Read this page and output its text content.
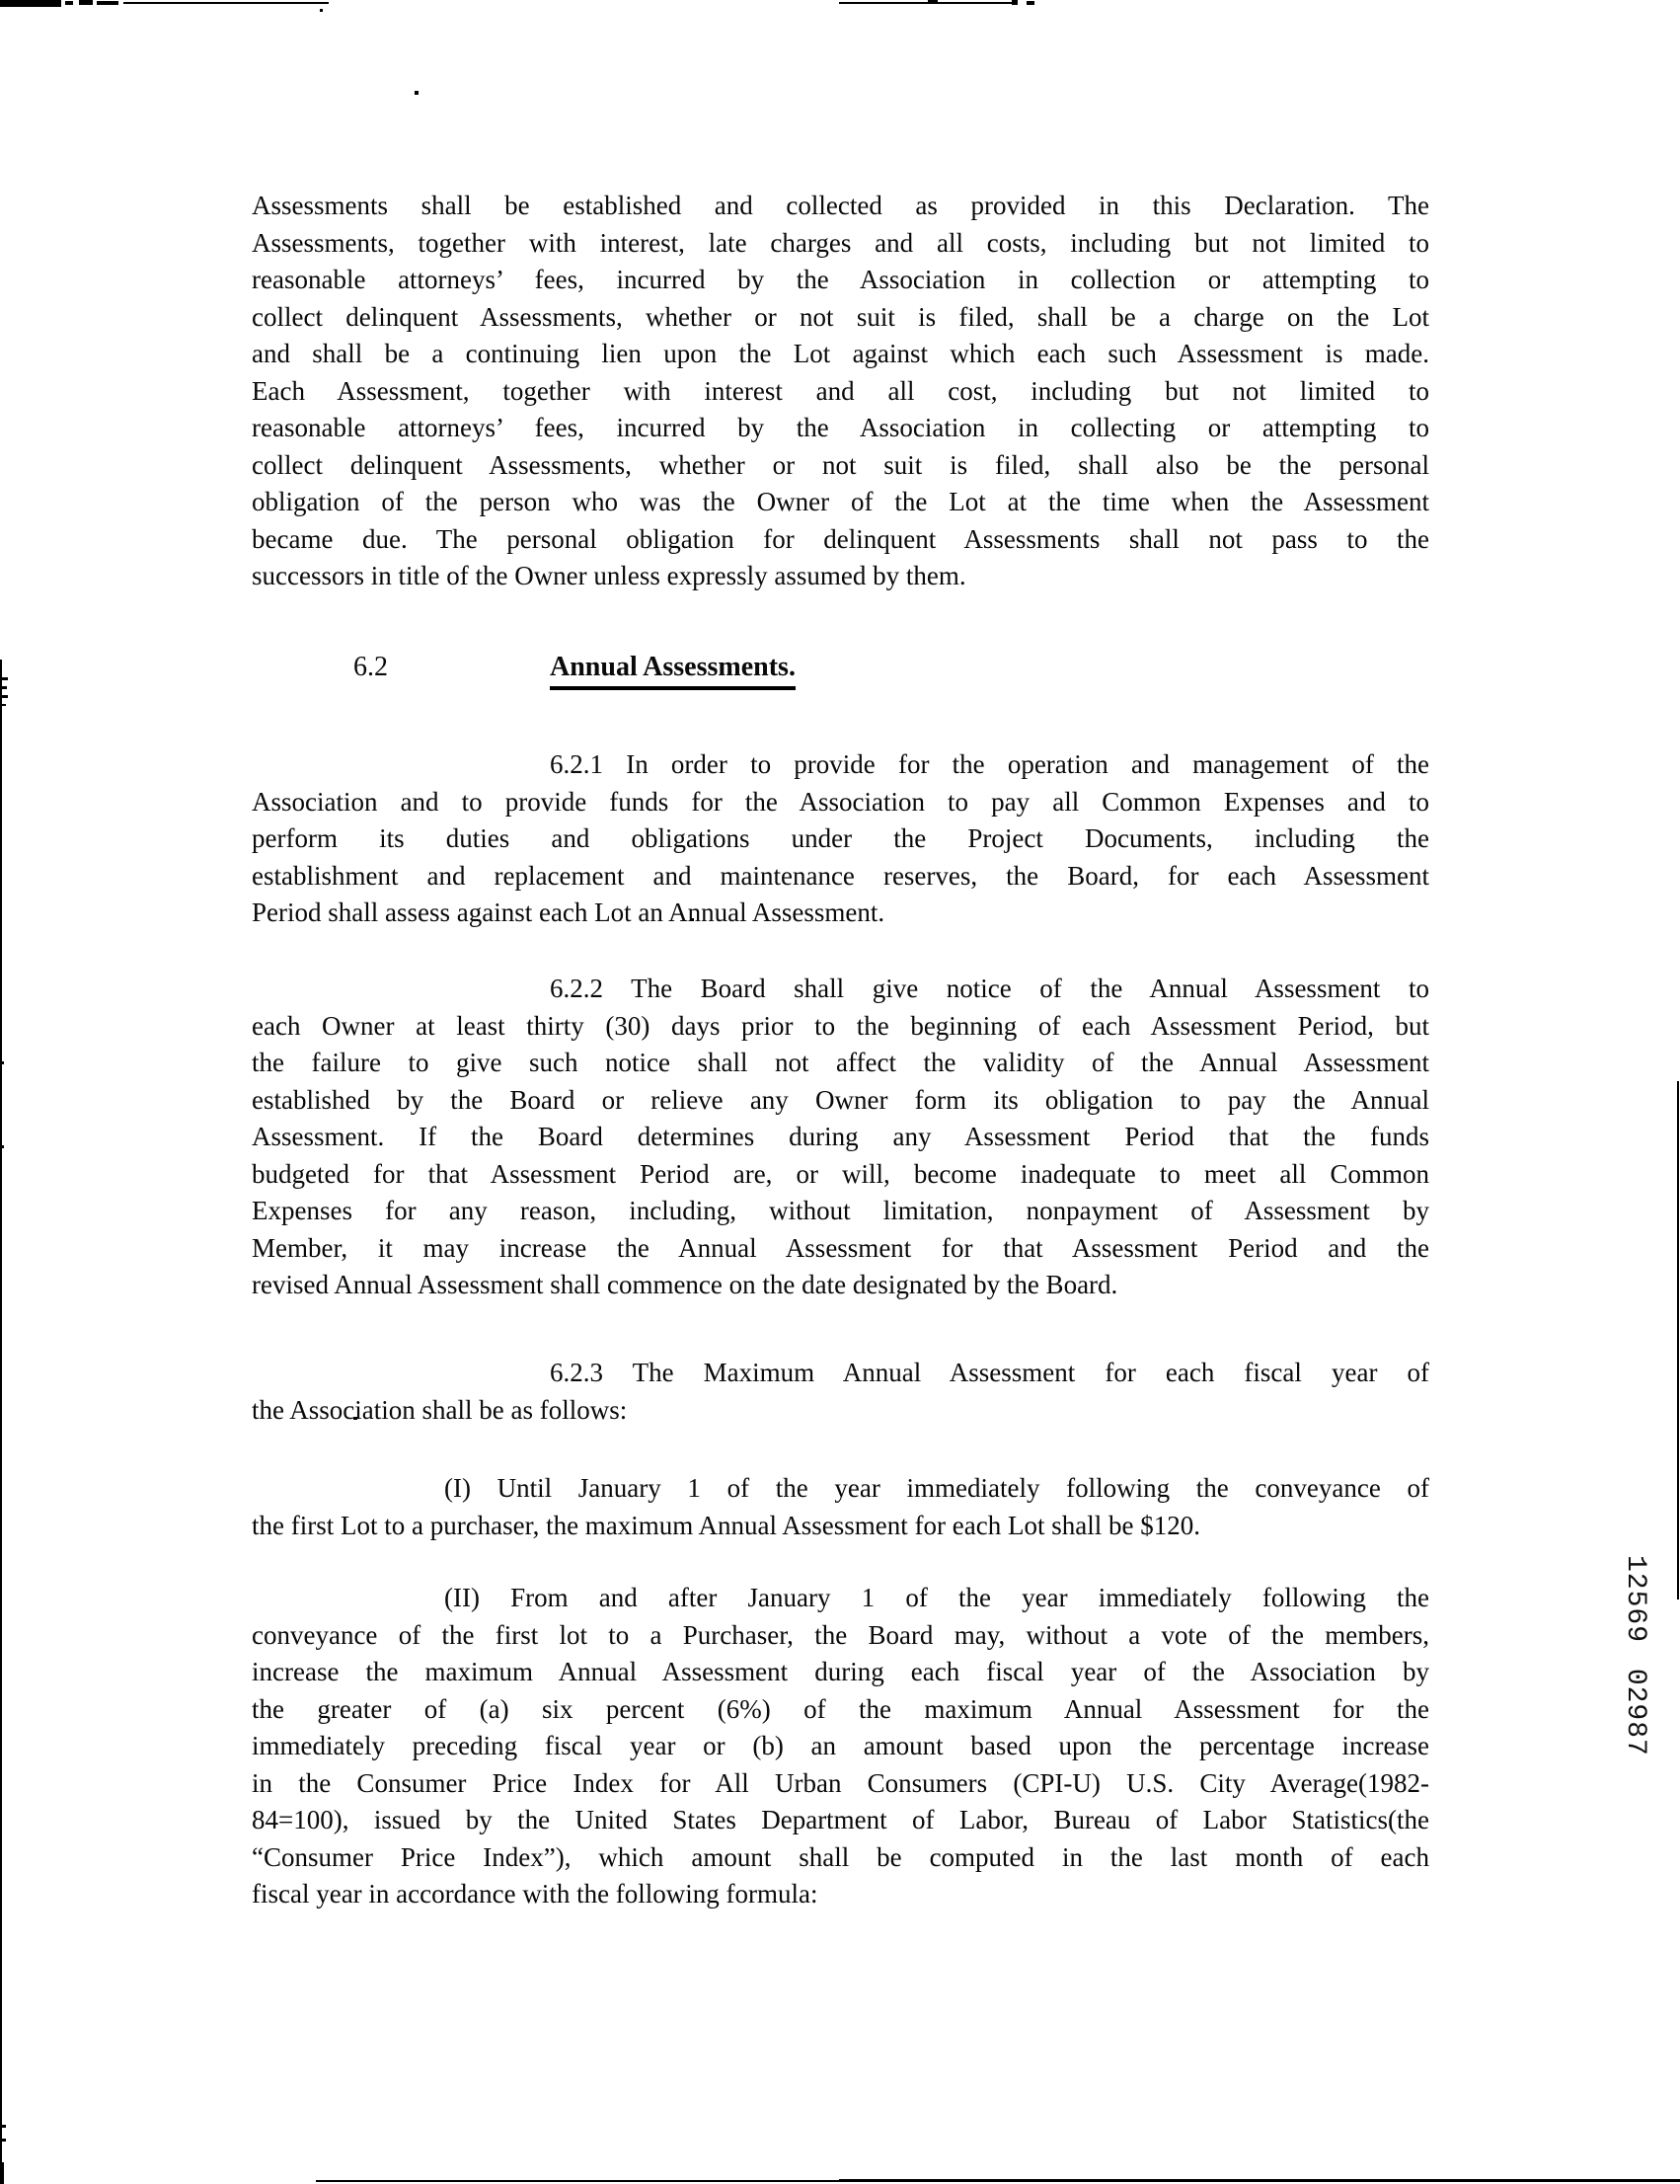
12569 02987
Assessments shall be established and collected as provided in this Declaration. The
Assessments, together with interest, late charges and all costs, including but not limited to
reasonable attorneys’ fees, incurred by the Association in collection or attempting to
collect delinquent Assessments, whether or not suit is filed, shall be a charge on the Lot
and shall be a continuing lien upon the Lot against which each such Assessment is made.
Each Assessment, together with interest and all cost, including but not limited to
reasonable attorneys’ fees, incurred by the Association in collecting or attempting to
collect delinquent Assessments, whether or not suit is filed, shall also be the personal
obligation of the person who was the Owner of the Lot at the time when the Assessment
became due. The personal obligation for delinquent Assessments shall not pass to the
successors in title of the Owner unless expressly assumed by them.
6.2	Annual Assessments.
6.2.1 In order to provide for the operation and management of the
Association and to provide funds for the Association to pay all Common Expenses and to
perform its duties and obligations under the Project Documents, including the
establishment and replacement and maintenance reserves, the Board, for each Assessment
Period shall assess against each Lot an Annual Assessment.
6.2.2 The Board shall give notice of the Annual Assessment to
each Owner at least thirty (30) days prior to the beginning of each Assessment Period, but
the failure to give such notice shall not affect the validity of the Annual Assessment
established by the Board or relieve any Owner form its obligation to pay the Annual
Assessment. If the Board determines during any Assessment Period that the funds
budgeted for that Assessment Period are, or will, become inadequate to meet all Common
Expenses for any reason, including, without limitation, nonpayment of Assessment by
Member, it may increase the Annual Assessment for that Assessment Period and the
revised Annual Assessment shall commence on the date designated by the Board.
6.2.3 The Maximum Annual Assessment for each fiscal year of
the Association shall be as follows:
(I) Until January 1 of the year immediately following the conveyance of
the first Lot to a purchaser, the maximum Annual Assessment for each Lot shall be $120.
(II) From and after January 1 of the year immediately following the
conveyance of the first lot to a Purchaser, the Board may, without a vote of the members,
increase the maximum Annual Assessment during each fiscal year of the Association by
the greater of (a) six percent (6%) of the maximum Annual Assessment for the
immediately preceding fiscal year or (b) an amount based upon the percentage increase
in the Consumer Price Index for All Urban Consumers (CPI-U) U.S. City Average(1982-
84=100), issued by the United States Department of Labor, Bureau of Labor Statistics(the
“Consumer Price Index”), which amount shall be computed in the last month of each
fiscal year in accordance with the following formula:
